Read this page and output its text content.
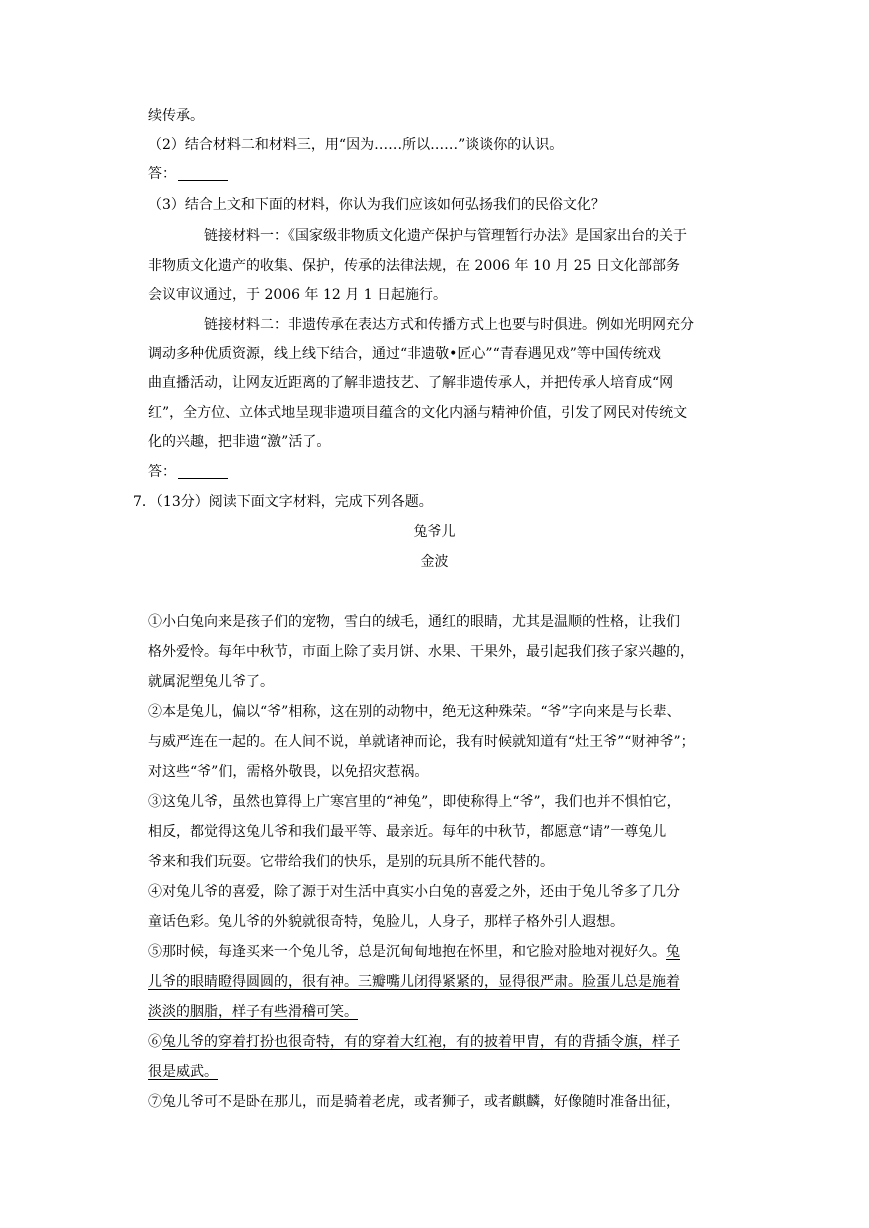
续传承。
（2）结合材料二和材料三，用“因为……所以……”谈谈你的认识。
答：
（3）结合上文和下面的材料，你认为我们应该如何弘扬我们的民俗文化？
链接材料一：《国家级非物质文化遗产保护与管理暂行办法》是国家出台的关于
非物质文化遗产的收集、保护，传承的法律法规，在 2006 年 10 月 25 日文化部部务
会议审议通过，于 2006 年 12 月 1 日起施行。
链接材料二：非遗传承在表达方式和传播方式上也要与时俱进。例如光明网充分
调动多种优质资源，线上线下结合，通过“非遗敬•匠心”“青春遇见戏”等中国传统戏
曲直播活动，让网友近距离的了解非遗技艺、了解非遗传承人，并把传承人培育成“网
红”，全方位、立体式地呈现非遗项目蕴含的文化内涵与精神价值，引发了网民对传统文
化的兴趣，把非遗“激”活了。
答：
7．（13分）阅读下面文字材料，完成下列各题。
兔爷儿
金波
①小白兔向来是孩子们的宠物，雪白的绒毛，通红的眼睛，尤其是温顺的性格，让我们
格外爱怜。每年中秋节，市面上除了卖月饼、水果、干果外，最引起我们孩子家兴趣的，
就属泥塑兔儿爷了。
②本是兔儿，偏以“爷”相称，这在别的动物中，绝无这种殊荣。“爷”字向来是与长辈、
与威严连在一起的。在人间不说，单就诸神而论，我有时候就知道有“灶王爷”“财神爷”；
对这些“爷”们，需格外敬畏，以免招灾惹祸。
③这兔儿爷，虽然也算得上广寒宫里的“神兔”，即使称得上“爷”，我们也并不惧怕它，
相反，都觉得这兔儿爷和我们最平等、最亲近。每年的中秋节，都愿意“请”一尊兔儿
爷来和我们玩耍。它带给我们的快乐，是别的玩具所不能代替的。
④对兔儿爷的喜爱，除了源于对生活中真实小白兔的喜爱之外，还由于兔儿爷多了几分
童话色彩。兔儿爷的外貌就很奇特，兔脸儿，人身子，那样子格外引人遐想。
⑤那时候，每逢买来一个兔儿爷，总是沉甸甸地抱在怀里，和它脸对脸地对视好久。兔
儿爷的眼睛瞪得圆圆的，很有神。三瓣嘴儿闭得紧紧的，显得很严肃。脸蛋儿总是施着
淡淡的胭脂，样子有些滑稽可笑。
⑥兔儿爷的穿着打扮也很奇特，有的穿着大红袍，有的披着甲胄，有的背插令旗，样子
很是威武。
⑦兔儿爷可不是卧在那儿，而是骑着老虎，或者狮子，或者麒麟，好像随时准备出征，
